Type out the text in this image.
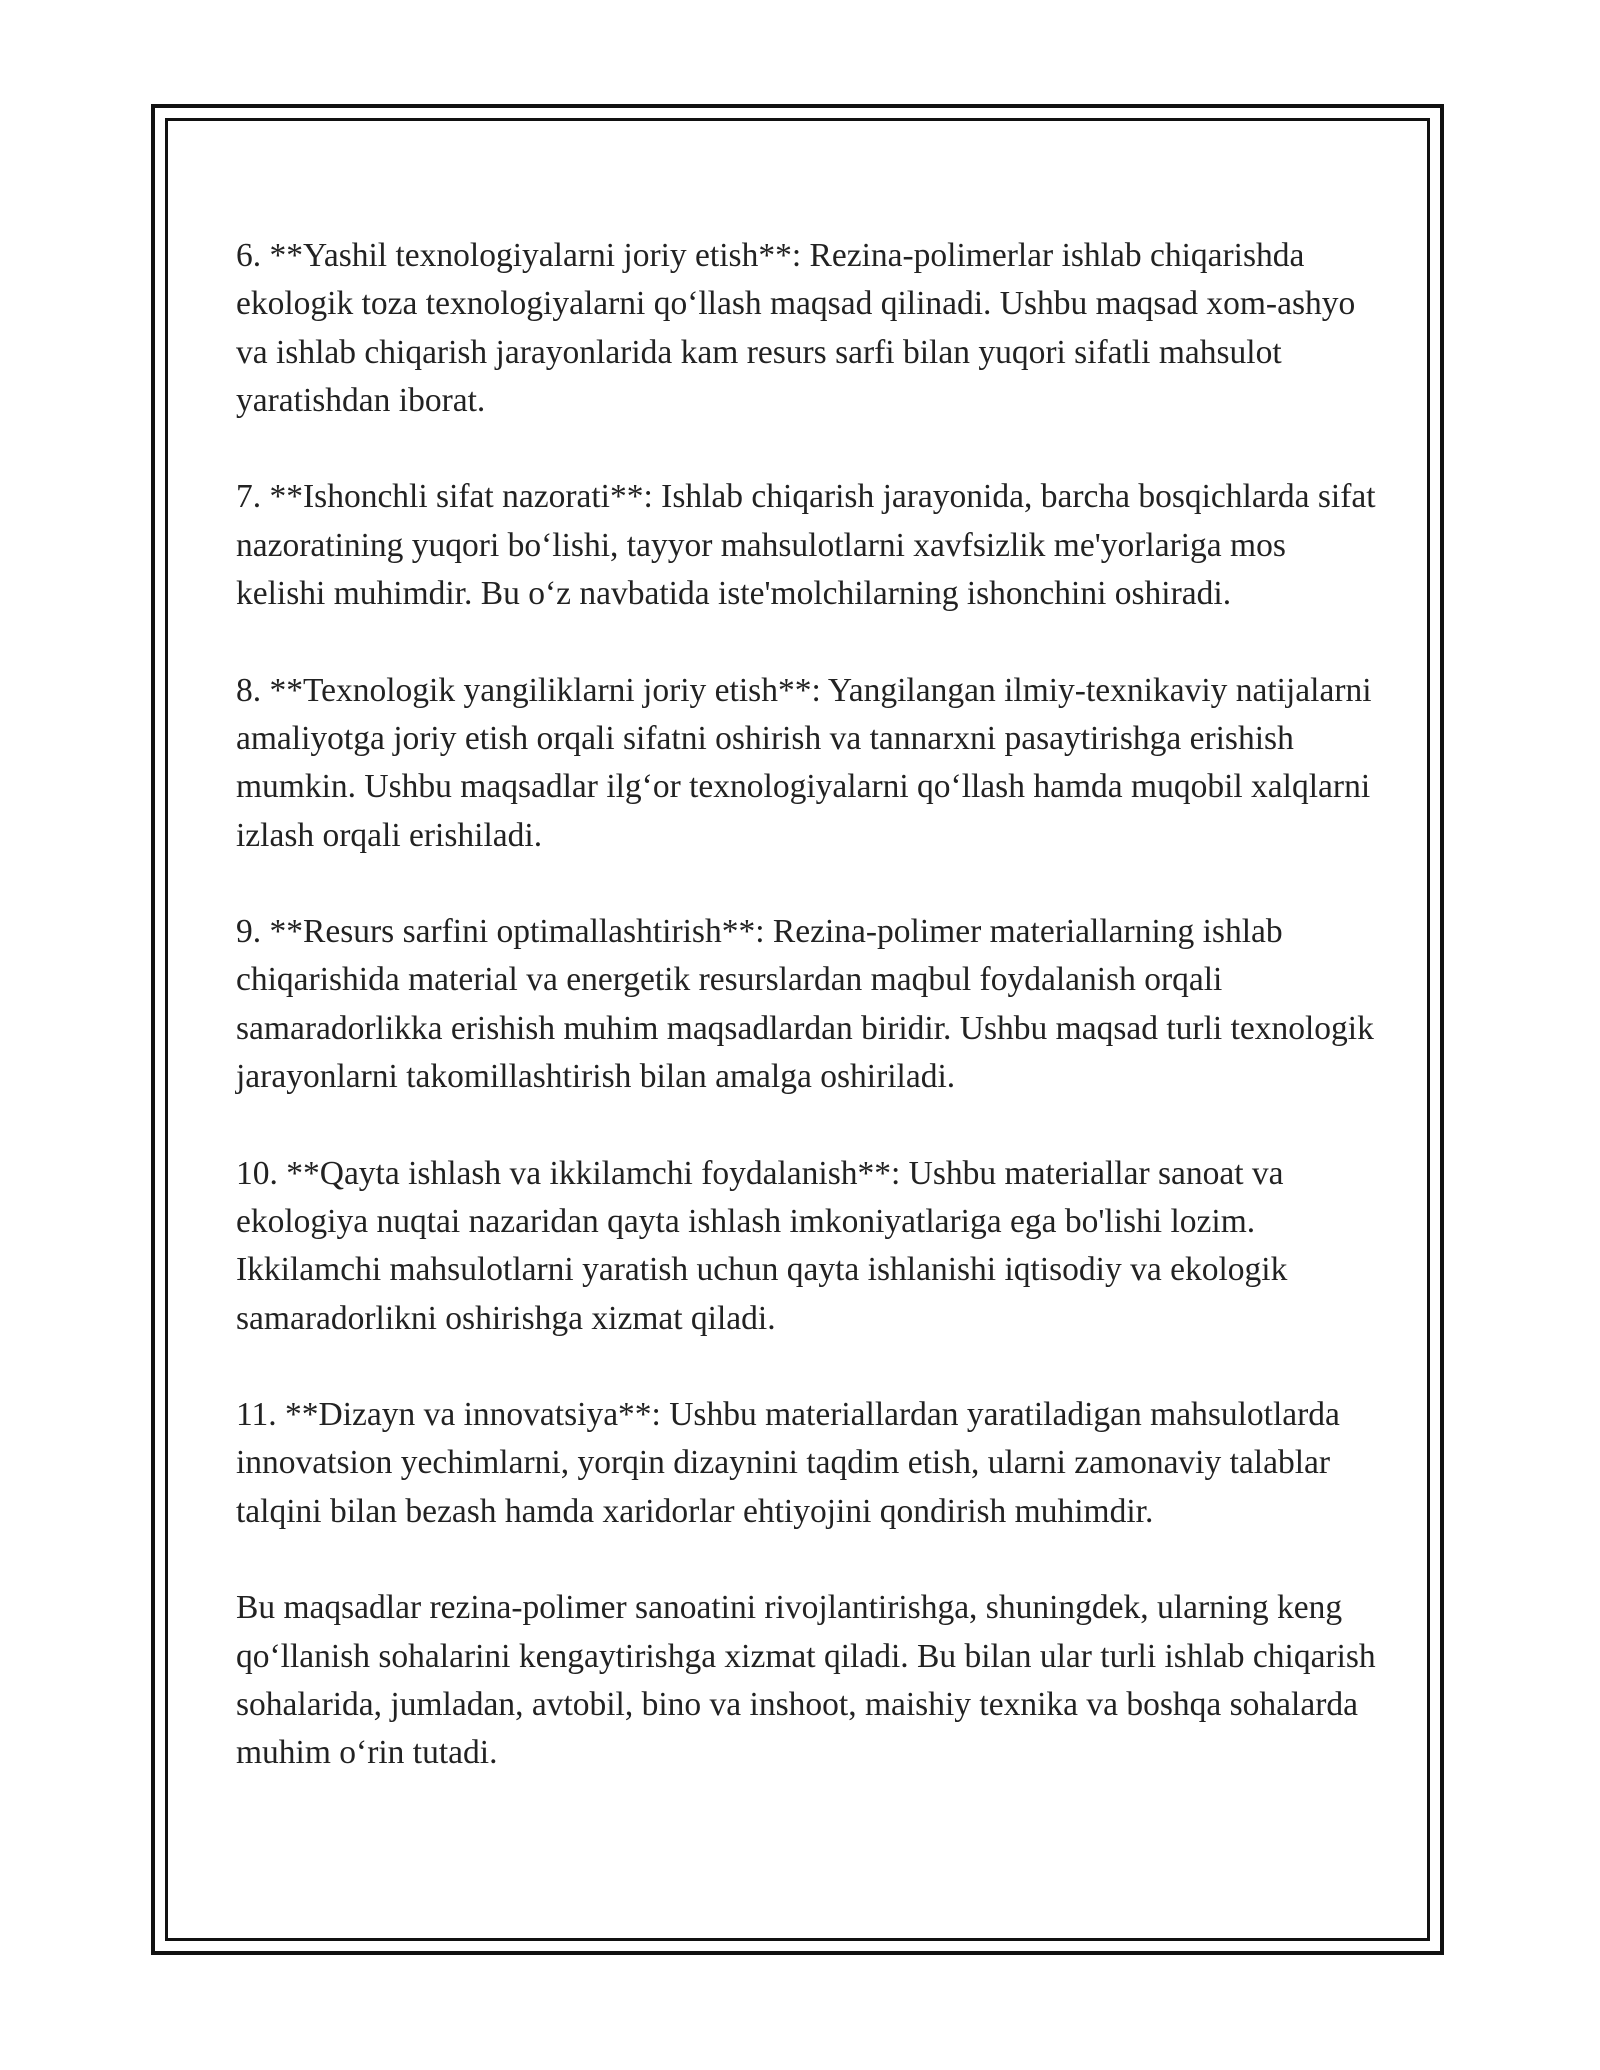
6. **Yashil texnologiyalarni joriy etish**: Rezina-polimerlar ishlab chiqarishda ekologik toza texnologiyalarni qo‘llash maqsad qilinadi. Ushbu maqsad xom-ashyo va ishlab chiqarish jarayonlarida kam resurs sarfi bilan yuqori sifatli mahsulot yaratishdan iborat.

7. **Ishonchli sifat nazorati**: Ishlab chiqarish jarayonida, barcha bosqichlarda sifat nazoratining yuqori bo‘lishi, tayyor mahsulotlarni xavfsizlik me'yorlariga mos kelishi muhimdir. Bu o‘z navbatida iste'molchilarning ishonchini oshiradi.

8. **Texnologik yangiliklarni joriy etish**: Yangilangan ilmiy-texnikaviy natijalarni amaliyotga joriy etish orqali sifatni oshirish va tannarxni pasaytirishga erishish mumkin. Ushbu maqsadlar ilg‘or texnologiyalarni qo‘llash hamda muqobil xalqlarni izlash orqali erishiladi.

9. **Resurs sarfini optimallashtirish**: Rezina-polimer materiallarning ishlab chiqarishida material va energetik resurslardan maqbul foydalanish orqali samaradorlikka erishish muhim maqsadlardan biridir. Ushbu maqsad turli texnologik jarayonlarni takomillashtirish bilan amalga oshiriladi.

10. **Qayta ishlash va ikkilamchi foydalanish**: Ushbu materiallar sanoat va ekologiya nuqtai nazaridan qayta ishlash imkoniyatlariga ega bo'lishi lozim. Ikkilamchi mahsulotlarni yaratish uchun qayta ishlanishi iqtisodiy va ekologik samaradorlikni oshirishga xizmat qiladi.

11. **Dizayn va innovatsiya**: Ushbu materiallardan yaratiladigan mahsulotlarda innovatsion yechimlarni, yorqin dizaynini taqdim etish, ularni zamonaviy talablar talqini bilan bezash hamda xaridorlar ehtiyojini qondirish muhimdir.

Bu maqsadlar rezina-polimer sanoatini rivojlantirishga, shuningdek, ularning keng qo‘llanish sohalarini kengaytirishga xizmat qiladi. Bu bilan ular turli ishlab chiqarish sohalarida, jumladan, avtobil, bino va inshoot, maishiy texnika va boshqa sohalarda muhim o‘rin tutadi.
